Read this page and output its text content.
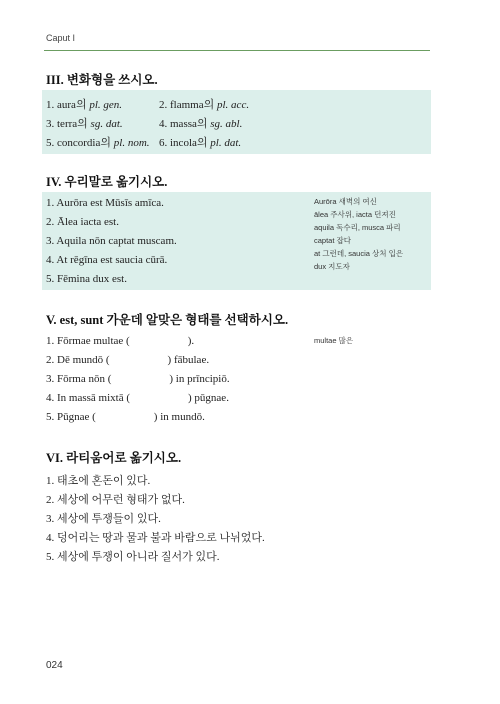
Caput I
III. 변화형을 쓰시오.
1. aura의 pl. gen.	2. flamma의 pl. acc.
3. terra의 sg. dat.	4. massa의 sg. abl.
5. concordia의 pl. nom. 6. incola의 pl. dat.
IV. 우리말로 옮기시오.
1. Aurōra est Mūsīs amīca.
2. Ālea iacta est.
3. Aquila nōn captat muscam.
4. At rēgīna est saucia cūrā.
5. Fēmina dux est.
Aurōra 새벽의 여신
ālea 주사위, iacta 던져진
aquila 독수리, musca 파리
captat 잡다
at 그런데, saucia 상처 입은
dux 지도자
V. est, sunt 가운데 알맞은 형태를 선택하시오.
1. Fōrmae multae (	).
2. Dē mundō (	) fābulae.
3. Fōrma nōn (	) in prīncipiō.
4. In massā mixtā (	) pūgnae.
5. Pūgnae (	) in mundō.
multae 많은
VI. 라티움어로 옮기시오.
1. 태초에 혼돈이 있다.
2. 세상에 어무런 형태가 없다.
3. 세상에 투쟁들이 있다.
4. 덩어리는 땅과 물과 불과 바람으로 나뉘었다.
5. 세상에 투쟁이 아니라 질서가 있다.
024
